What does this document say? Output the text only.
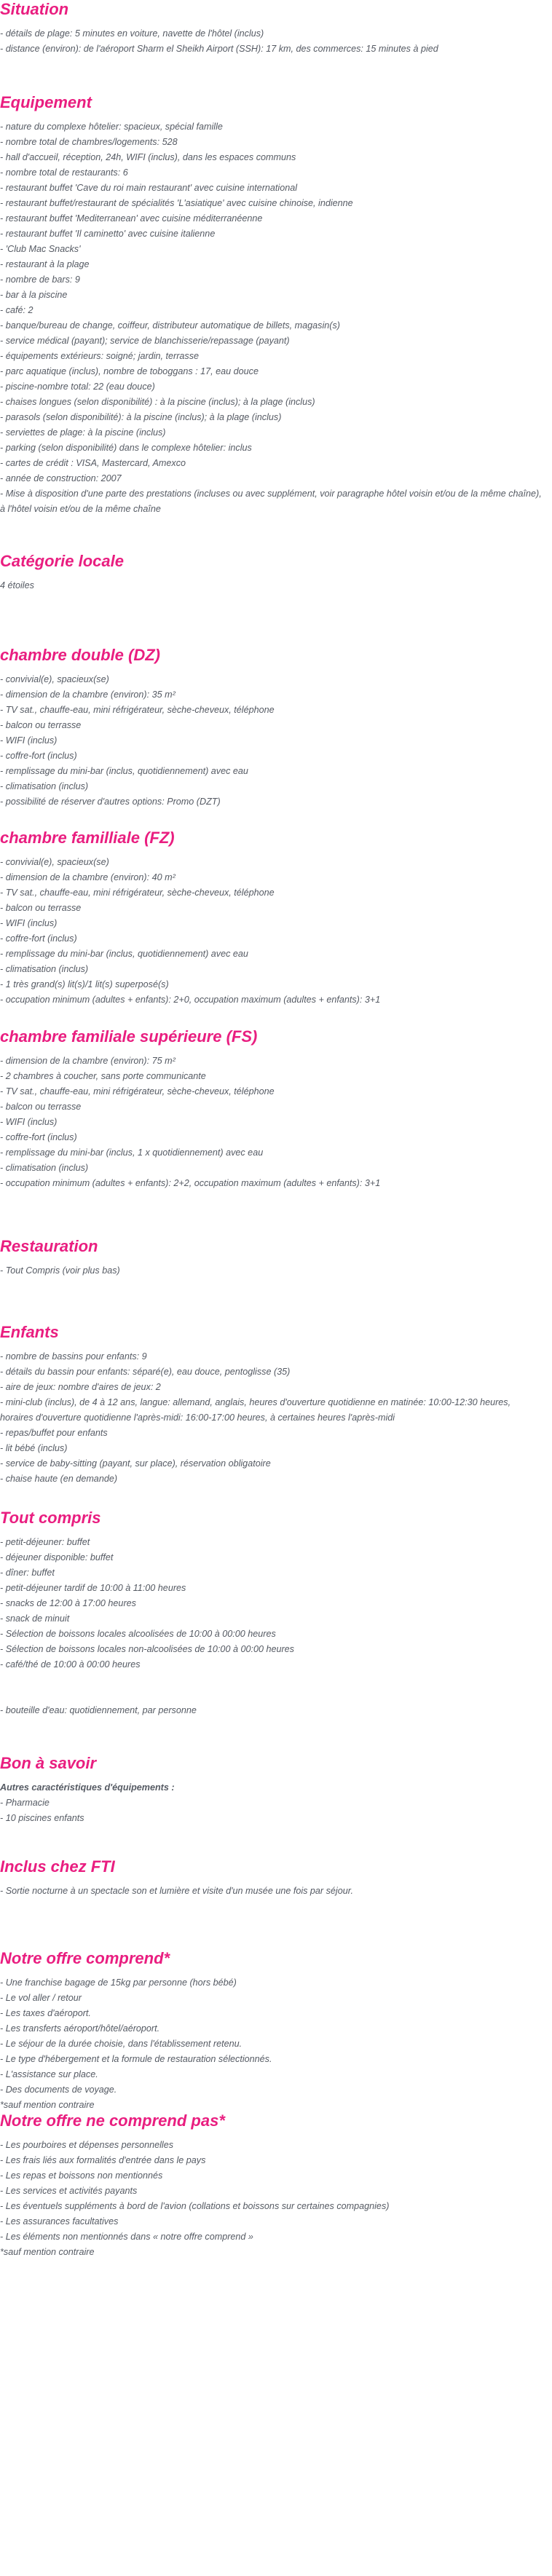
Situation
- détails de plage: 5 minutes en voiture, navette de l'hôtel (inclus)
- distance (environ): de l'aéroport Sharm el Sheikh Airport (SSH): 17 km, des commerces: 15 minutes à pied
Equipement
- nature du complexe hôtelier: spacieux, spécial famille
- nombre total de chambres/logements: 528
- hall d'accueil, réception, 24h, WIFI (inclus), dans les espaces communs
- nombre total de restaurants: 6
- restaurant buffet 'Cave du roi main restaurant' avec cuisine international
- restaurant buffet/restaurant de spécialités 'L'asiatique' avec cuisine chinoise, indienne
- restaurant buffet 'Mediterranean' avec cuisine méditerranéenne
- restaurant buffet 'Il caminetto' avec cuisine italienne
- 'Club Mac Snacks'
- restaurant à la plage
- nombre de bars: 9
- bar à la piscine
- café: 2
- banque/bureau de change, coiffeur, distributeur automatique de billets, magasin(s)
- service médical (payant); service de blanchisserie/repassage (payant)
- équipements extérieurs: soigné; jardin, terrasse
- parc aquatique (inclus), nombre de toboggans : 17, eau douce
- piscine-nombre total: 22 (eau douce)
- chaises longues (selon disponibilité) : à la piscine (inclus); à la plage (inclus)
- parasols (selon disponibilité): à la piscine (inclus); à la plage (inclus)
- serviettes de plage: à la piscine (inclus)
- parking (selon disponibilité) dans le complexe hôtelier: inclus
- cartes de crédit : VISA, Mastercard, Amexco
- année de construction: 2007
- Mise à disposition d'une parte des prestations (incluses ou avec supplément, voir paragraphe hôtel voisin et/ou de la même chaîne), à l'hôtel voisin et/ou de la même chaîne
Catégorie locale
4 étoiles
chambre double (DZ)
- convivial(e), spacieux(se)
- dimension de la chambre (environ): 35 m²
- TV sat., chauffe-eau, mini réfrigérateur, sèche-cheveux, téléphone
- balcon ou terrasse
- WIFI (inclus)
- coffre-fort (inclus)
- remplissage du mini-bar (inclus, quotidiennement) avec eau
- climatisation (inclus)
- possibilité de réserver d'autres options: Promo (DZT)
chambre familliale (FZ)
- convivial(e), spacieux(se)
- dimension de la chambre (environ): 40 m²
- TV sat., chauffe-eau, mini réfrigérateur, sèche-cheveux, téléphone
- balcon ou terrasse
- WIFI (inclus)
- coffre-fort (inclus)
- remplissage du mini-bar (inclus, quotidiennement) avec eau
- climatisation (inclus)
- 1 très grand(s) lit(s)/1 lit(s) superposé(s)
- occupation minimum (adultes + enfants): 2+0, occupation maximum (adultes + enfants): 3+1
chambre familiale supérieure (FS)
- dimension de la chambre (environ): 75 m²
- 2 chambres à coucher, sans porte communicante
- TV sat., chauffe-eau, mini réfrigérateur, sèche-cheveux, téléphone
- balcon ou terrasse
- WIFI (inclus)
- coffre-fort (inclus)
- remplissage du mini-bar (inclus, 1 x quotidiennement) avec eau
- climatisation (inclus)
- occupation minimum (adultes + enfants): 2+2, occupation maximum (adultes + enfants): 3+1
Restauration
- Tout Compris (voir plus bas)
Enfants
- nombre de bassins pour enfants: 9
- détails du bassin pour enfants: séparé(e), eau douce, pentoglisse (35)
- aire de jeux: nombre d'aires de jeux: 2
- mini-club (inclus), de 4 à 12 ans, langue: allemand, anglais, heures d'ouverture quotidienne en matinée: 10:00-12:30 heures, horaires d'ouverture quotidienne l'après-midi: 16:00-17:00 heures, à certaines heures l'après-midi
- repas/buffet pour enfants
- lit bébé (inclus)
- service de baby-sitting (payant, sur place), réservation obligatoire
- chaise haute (en demande)
Tout compris
- petit-déjeuner: buffet
- déjeuner disponible: buffet
- dîner: buffet
- petit-déjeuner tardif de 10:00 à 11:00 heures
- snacks de 12:00 à 17:00 heures
- snack de minuit
- Sélection de boissons locales alcoolisées de 10:00 à 00:00 heures
- Sélection de boissons locales non-alcoolisées de 10:00 à 00:00 heures
- café/thé de 10:00 à 00:00 heures

- bouteille d'eau: quotidiennement, par personne
Bon à savoir
Autres caractéristiques d'équipements :
- Pharmacie
- 10 piscines enfants
Inclus chez FTI
- Sortie nocturne à un spectacle son et lumière et visite d'un musée une fois par séjour.
Notre offre comprend*
- Une franchise bagage de 15kg par personne (hors bébé)
- Le vol aller / retour
- Les taxes d'aéroport.
- Les transferts aéroport/hôtel/aéroport.
- Le séjour de la durée choisie, dans l'établissement retenu.
- Le type d'hébergement et la formule de restauration sélectionnés.
- L'assistance sur place.
- Des documents de voyage.
*sauf mention contraire
Notre offre ne comprend pas*
- Les pourboires et dépenses personnelles
- Les frais liés aux formalités d'entrée dans le pays
- Les repas et boissons non mentionnés
- Les services et activités payants
- Les éventuels suppléments à bord de l'avion (collations et boissons sur certaines compagnies)
- Les assurances facultatives
- Les éléments non mentionnés dans « notre offre comprend »
*sauf mention contraire
